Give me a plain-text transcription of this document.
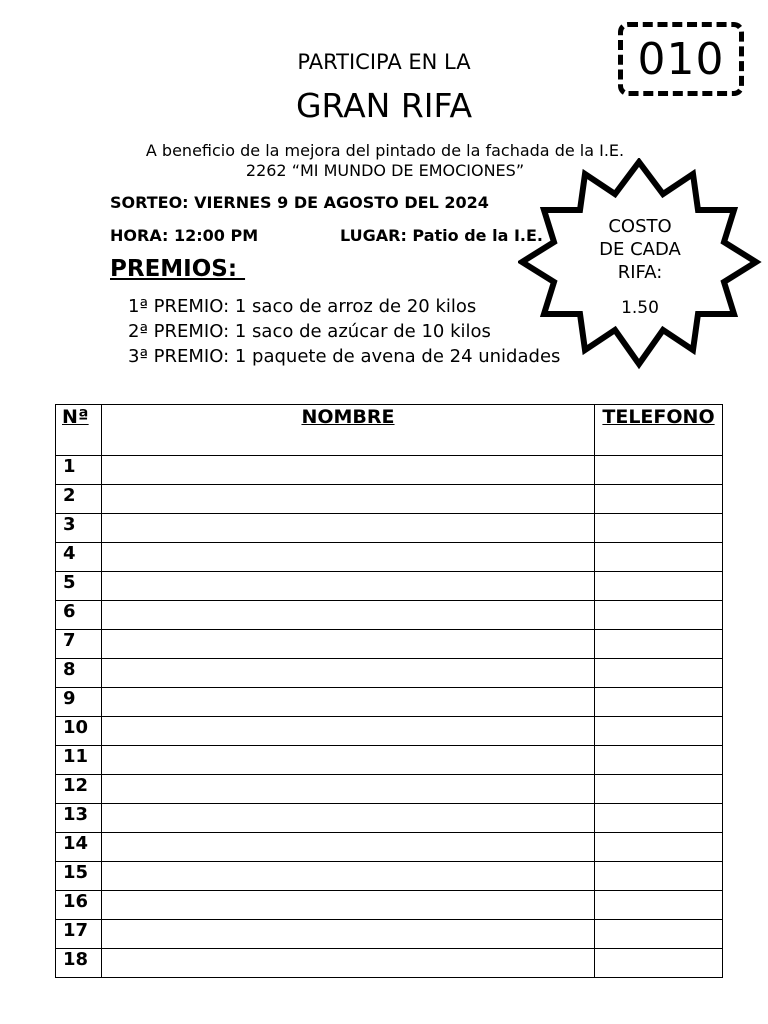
010
PARTICIPA EN LA
GRAN RIFA
A beneficio de la mejora del pintado de la fachada de la I.E.
2262 “MI MUNDO DE EMOCIONES”
SORTEO: VIERNES 9 DE AGOSTO DEL 2024
HORA: 12:00 PM	LUGAR: Patio de la I.E.
PREMIOS:
1ª PREMIO: 1 saco de arroz de 20 kilos
2ª PREMIO: 1 saco de azúcar de 10 kilos
3ª PREMIO: 1 paquete de avena de 24 unidades
COSTO
DE CADA
RIFA:
1.50
Nª	NOMBRE	TELEFONO
1		
2		
3		
4		
5		
6		
7		
8		
9		
10		
11		
12		
13		
14		
15		
16		
17		
18		
